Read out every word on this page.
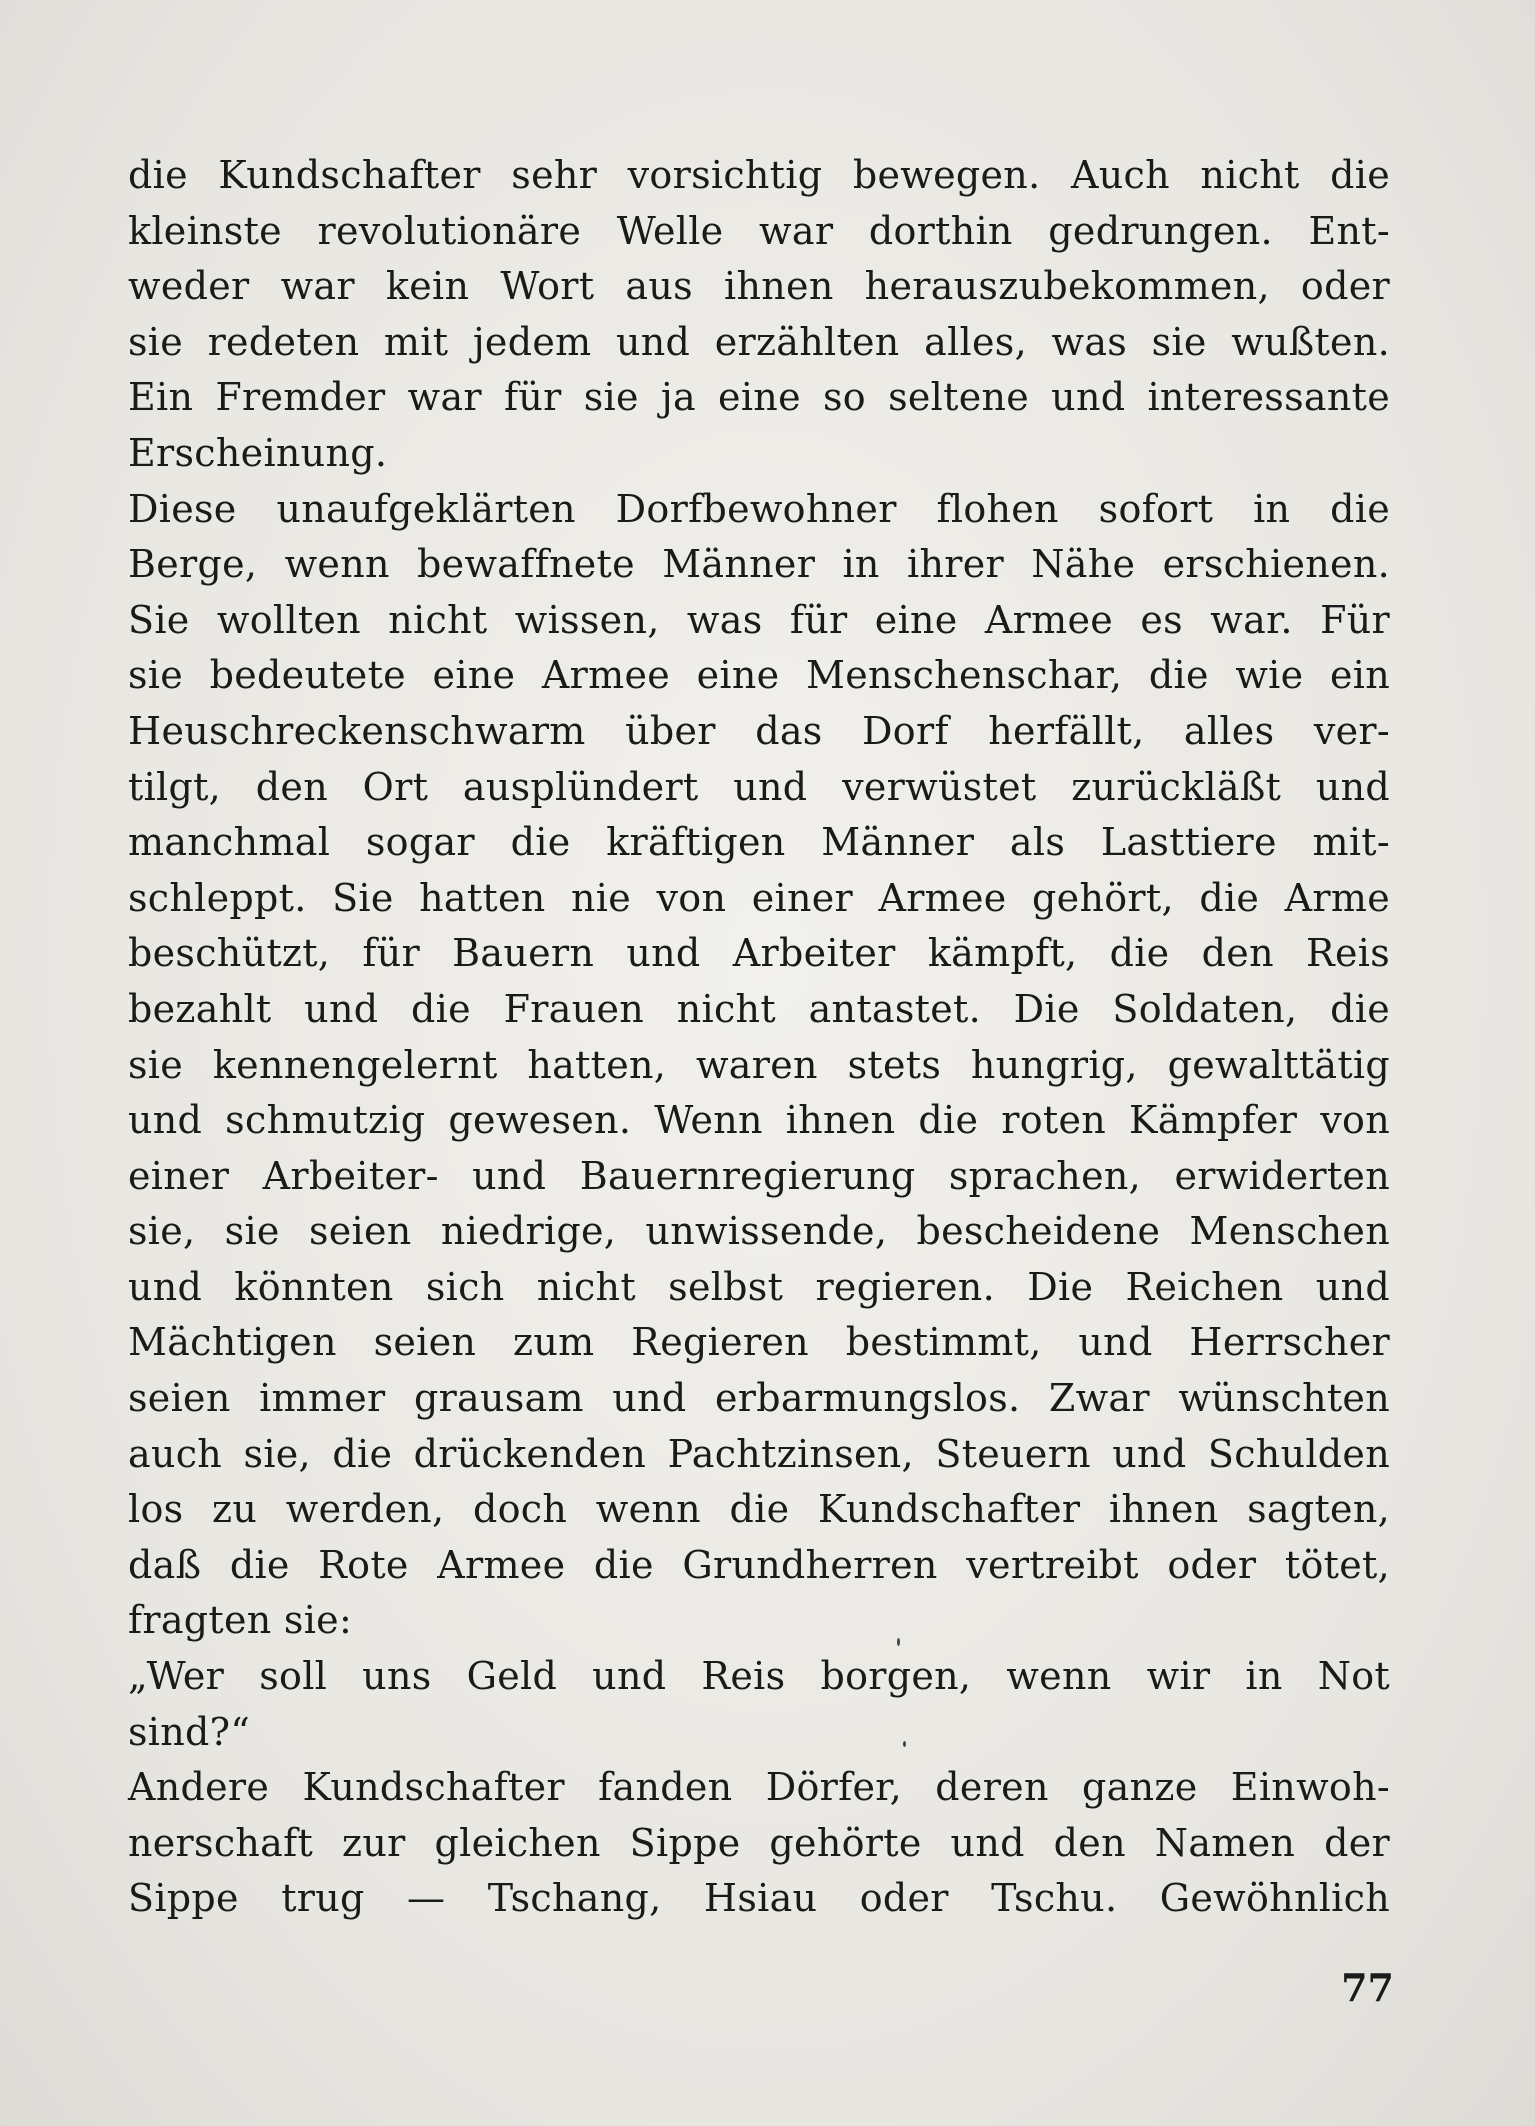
die Kundschafter sehr vorsichtig bewegen. Auch nicht die
kleinste revolutionäre Welle war dorthin gedrungen. Ent-
weder war kein Wort aus ihnen herauszubekommen, oder
sie redeten mit jedem und erzählten alles, was sie wußten.
Ein Fremder war für sie ja eine so seltene und interessante
Erscheinung.
Diese unaufgeklärten Dorfbewohner flohen sofort in die
Berge, wenn bewaffnete Männer in ihrer Nähe erschienen.
Sie wollten nicht wissen, was für eine Armee es war. Für
sie bedeutete eine Armee eine Menschenschar, die wie ein
Heuschreckenschwarm über das Dorf herfällt, alles ver-
tilgt, den Ort ausplündert und verwüstet zurückläßt und
manchmal sogar die kräftigen Männer als Lasttiere mit-
schleppt. Sie hatten nie von einer Armee gehört, die Arme
beschützt, für Bauern und Arbeiter kämpft, die den Reis
bezahlt und die Frauen nicht antastet. Die Soldaten, die
sie kennengelernt hatten, waren stets hungrig, gewalttätig
und schmutzig gewesen. Wenn ihnen die roten Kämpfer von
einer Arbeiter- und Bauernregierung sprachen, erwiderten
sie, sie seien niedrige, unwissende, bescheidene Menschen
und könnten sich nicht selbst regieren. Die Reichen und
Mächtigen seien zum Regieren bestimmt, und Herrscher
seien immer grausam und erbarmungslos. Zwar wünschten
auch sie, die drückenden Pachtzinsen, Steuern und Schulden
los zu werden, doch wenn die Kundschafter ihnen sagten,
daß die Rote Armee die Grundherren vertreibt oder tötet,
fragten sie:
„Wer soll uns Geld und Reis borgen, wenn wir in Not
sind?“
Andere Kundschafter fanden Dörfer, deren ganze Einwoh-
nerschaft zur gleichen Sippe gehörte und den Namen der
Sippe trug — Tschang, Hsiau oder Tschu. Gewöhnlich
77
